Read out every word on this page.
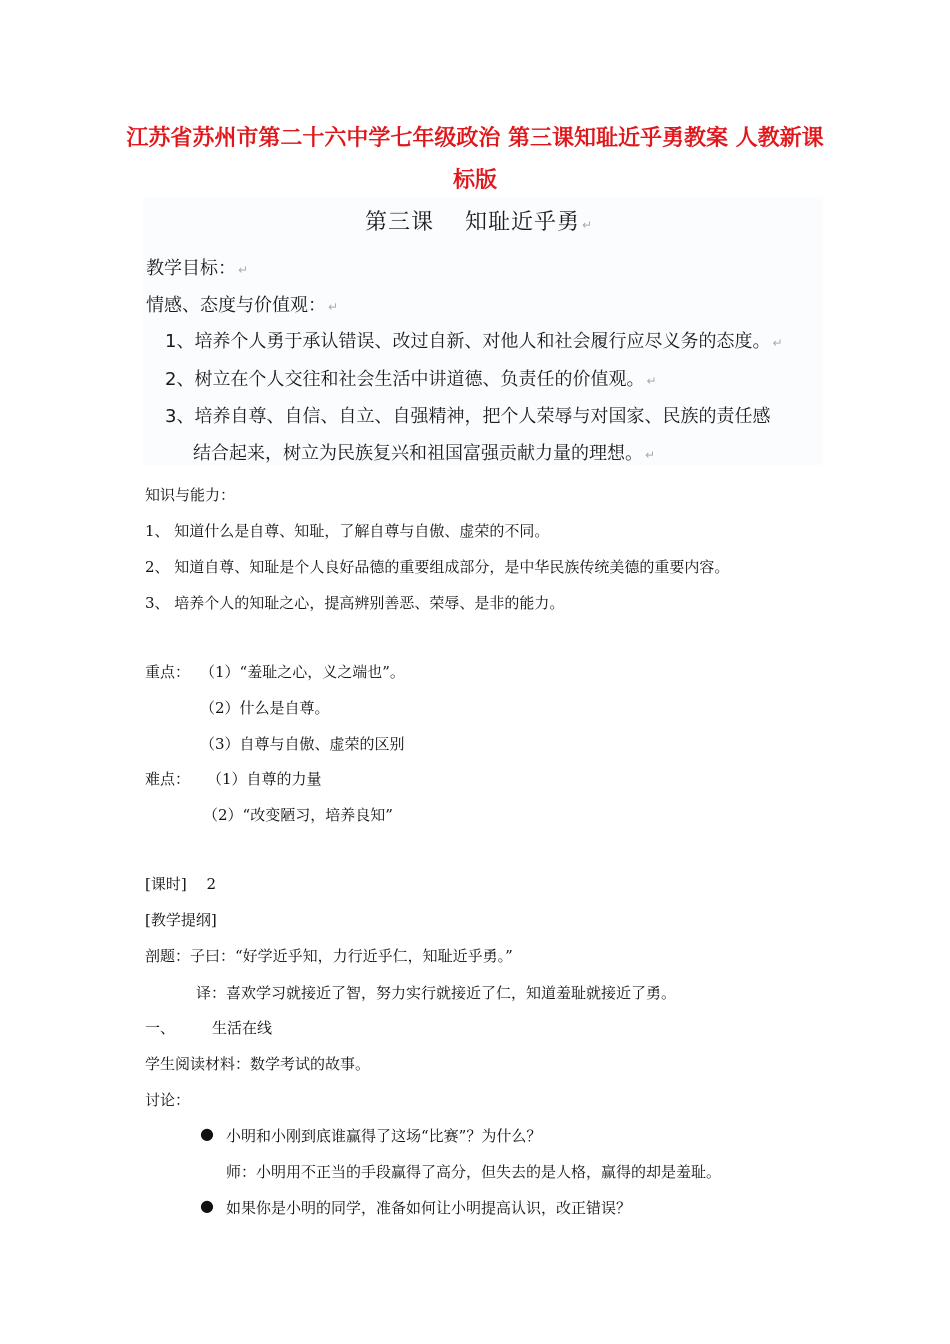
江苏省苏州市第二十六中学七年级政治 第三课知耻近乎勇教案 人教新课标版
第三课　 知耻近乎勇 ↵
教学目标： ↵
情感、态度与价值观： ↵
1、培养个人勇于承认错误、改过自新、对他人和社会履行应尽义务的态度。 ↵
2、树立在个人交往和社会生活中讲道德、负责任的价值观。 ↵
3、培养自尊、自信、自立、自强精神，把个人荣辱与对国家、民族的责任感
结合起来，树立为民族复兴和祖国富强贡献力量的理想。 ↵
知识与能力：
1、 知道什么是自尊、知耻，了解自尊与自傲、虚荣的不同。
2、 知道自尊、知耻是个人良好品德的重要组成部分，是中华民族传统美德的重要内容。
3、 培养个人的知耻之心，提高辨别善恶、荣辱、是非的能力。
重点： （1）“羞耻之心，义之端也”。
（2）什么是自尊。
（3）自尊与自傲、虚荣的区别
难点： （1）自尊的力量
（2）“改变陋习，培养良知”
[课时]　 2
[教学提纲]
剖题：子曰：“好学近乎知，力行近乎仁，知耻近乎勇。”
译：喜欢学习就接近了智，努力实行就接近了仁，知道羞耻就接近了勇。
一、 生活在线
学生阅读材料：数学考试的故事。
讨论：
● 小明和小刚到底谁赢得了这场“比赛”？为什么？
师：小明用不正当的手段赢得了高分，但失去的是人格，赢得的却是羞耻。
● 如果你是小明的同学，准备如何让小明提高认识，改正错误？
